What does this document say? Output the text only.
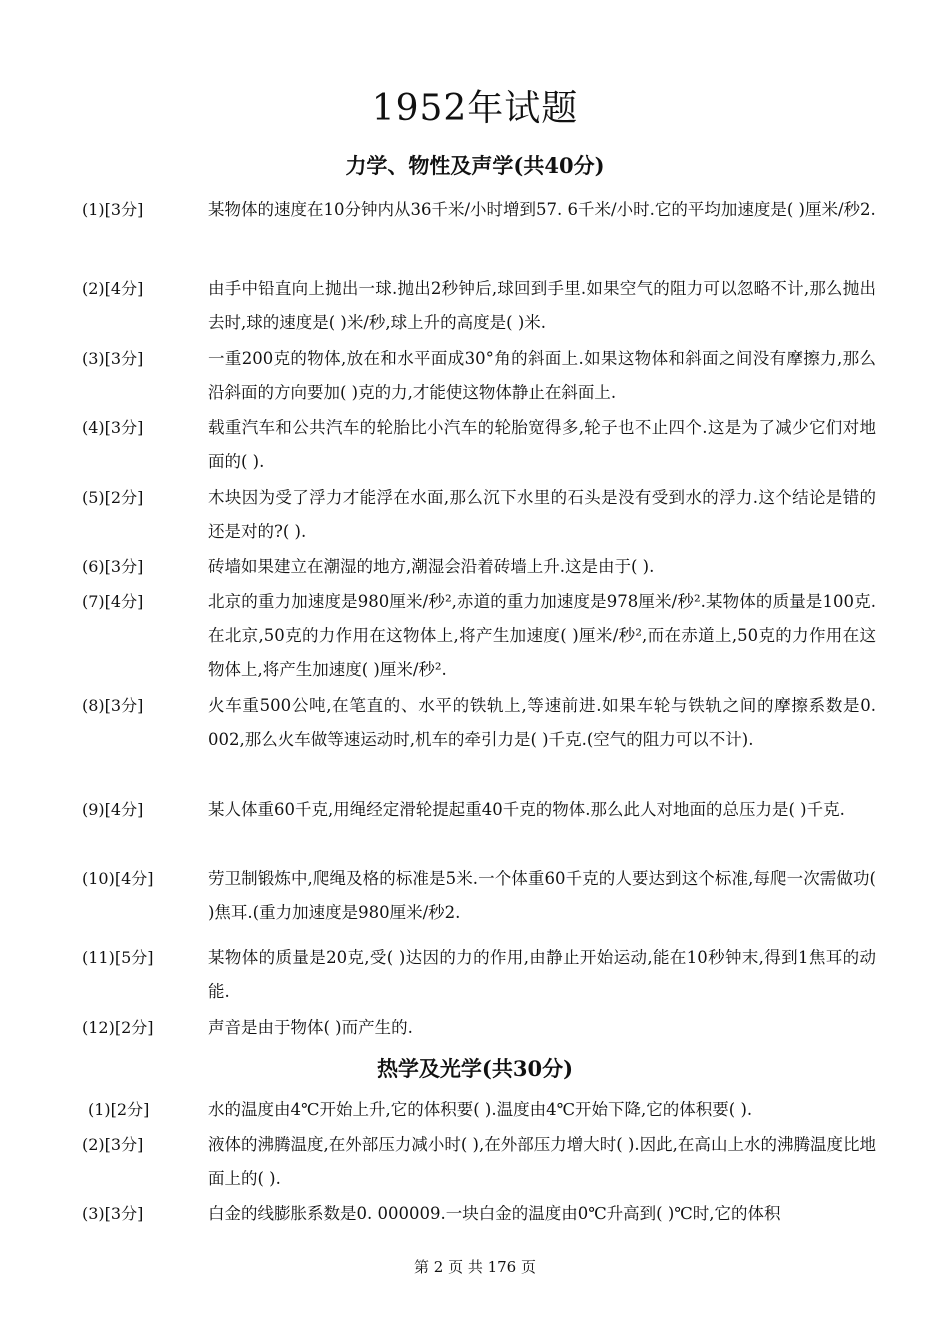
1952年试题
力学、物性及声学(共40分)
(1)[3分]	某物体的速度在10分钟内从36千米/小时增到57. 6千米/小时.它的平均加速度是( )厘米/秒2.
(2)[4分]	由手中铅直向上抛出一球.抛出2秒钟后,球回到手里.如果空气的阻力可以忽略不计,那么抛出去时,球的速度是( )米/秒,球上升的高度是( )米.
(3)[3分]	一重200克的物体,放在和水平面成30°角的斜面上.如果这物体和斜面之间没有摩擦力,那么沿斜面的方向要加( )克的力,才能使这物体静止在斜面上.
(4)[3分]	载重汽车和公共汽车的轮胎比小汽车的轮胎宽得多,轮子也不止四个.这是为了减少它们对地面的( ).
(5)[2分]	木块因为受了浮力才能浮在水面,那么沉下水里的石头是没有受到水的浮力.这个结论是错的还是对的?( ).
(6)[3分]	砖墙如果建立在潮湿的地方,潮湿会沿着砖墙上升.这是由于( ).
(7)[4分]	北京的重力加速度是980厘米/秒²,赤道的重力加速度是978厘米/秒².某物体的质量是100克.在北京,50克的力作用在这物体上,将产生加速度( )厘米/秒²,而在赤道上,50克的力作用在这物体上,将产生加速度( )厘米/秒².
(8)[3分]	火车重500公吨,在笔直的、水平的铁轨上,等速前进.如果车轮与铁轨之间的摩擦系数是0. 002,那么火车做等速运动时,机车的牵引力是( )千克.(空气的阻力可以不计).
(9)[4分]	某人体重60千克,用绳经定滑轮提起重40千克的物体.那么此人对地面的总压力是( )千克.
(10)[4分]	劳卫制锻炼中,爬绳及格的标准是5米.一个体重60千克的人要达到这个标准,每爬一次需做功( )焦耳.(重力加速度是980厘米/秒2.
(11)[5分]	某物体的质量是20克,受( )达因的力的作用,由静止开始运动,能在10秒钟末,得到1焦耳的动能.
(12)[2分]	声音是由于物体( )而产生的.
热学及光学(共30分)
(1)[2分]	水的温度由4℃开始上升,它的体积要( ).温度由4℃开始下降,它的体积要( ).
(2)[3分]	液体的沸腾温度,在外部压力减小时( ),在外部压力增大时( ).因此,在高山上水的沸腾温度比地面上的( ).
(3)[3分]	白金的线膨胀系数是0. 000009.一块白金的温度由0℃升高到( )℃时,它的体积
第 2 页 共 176 页
